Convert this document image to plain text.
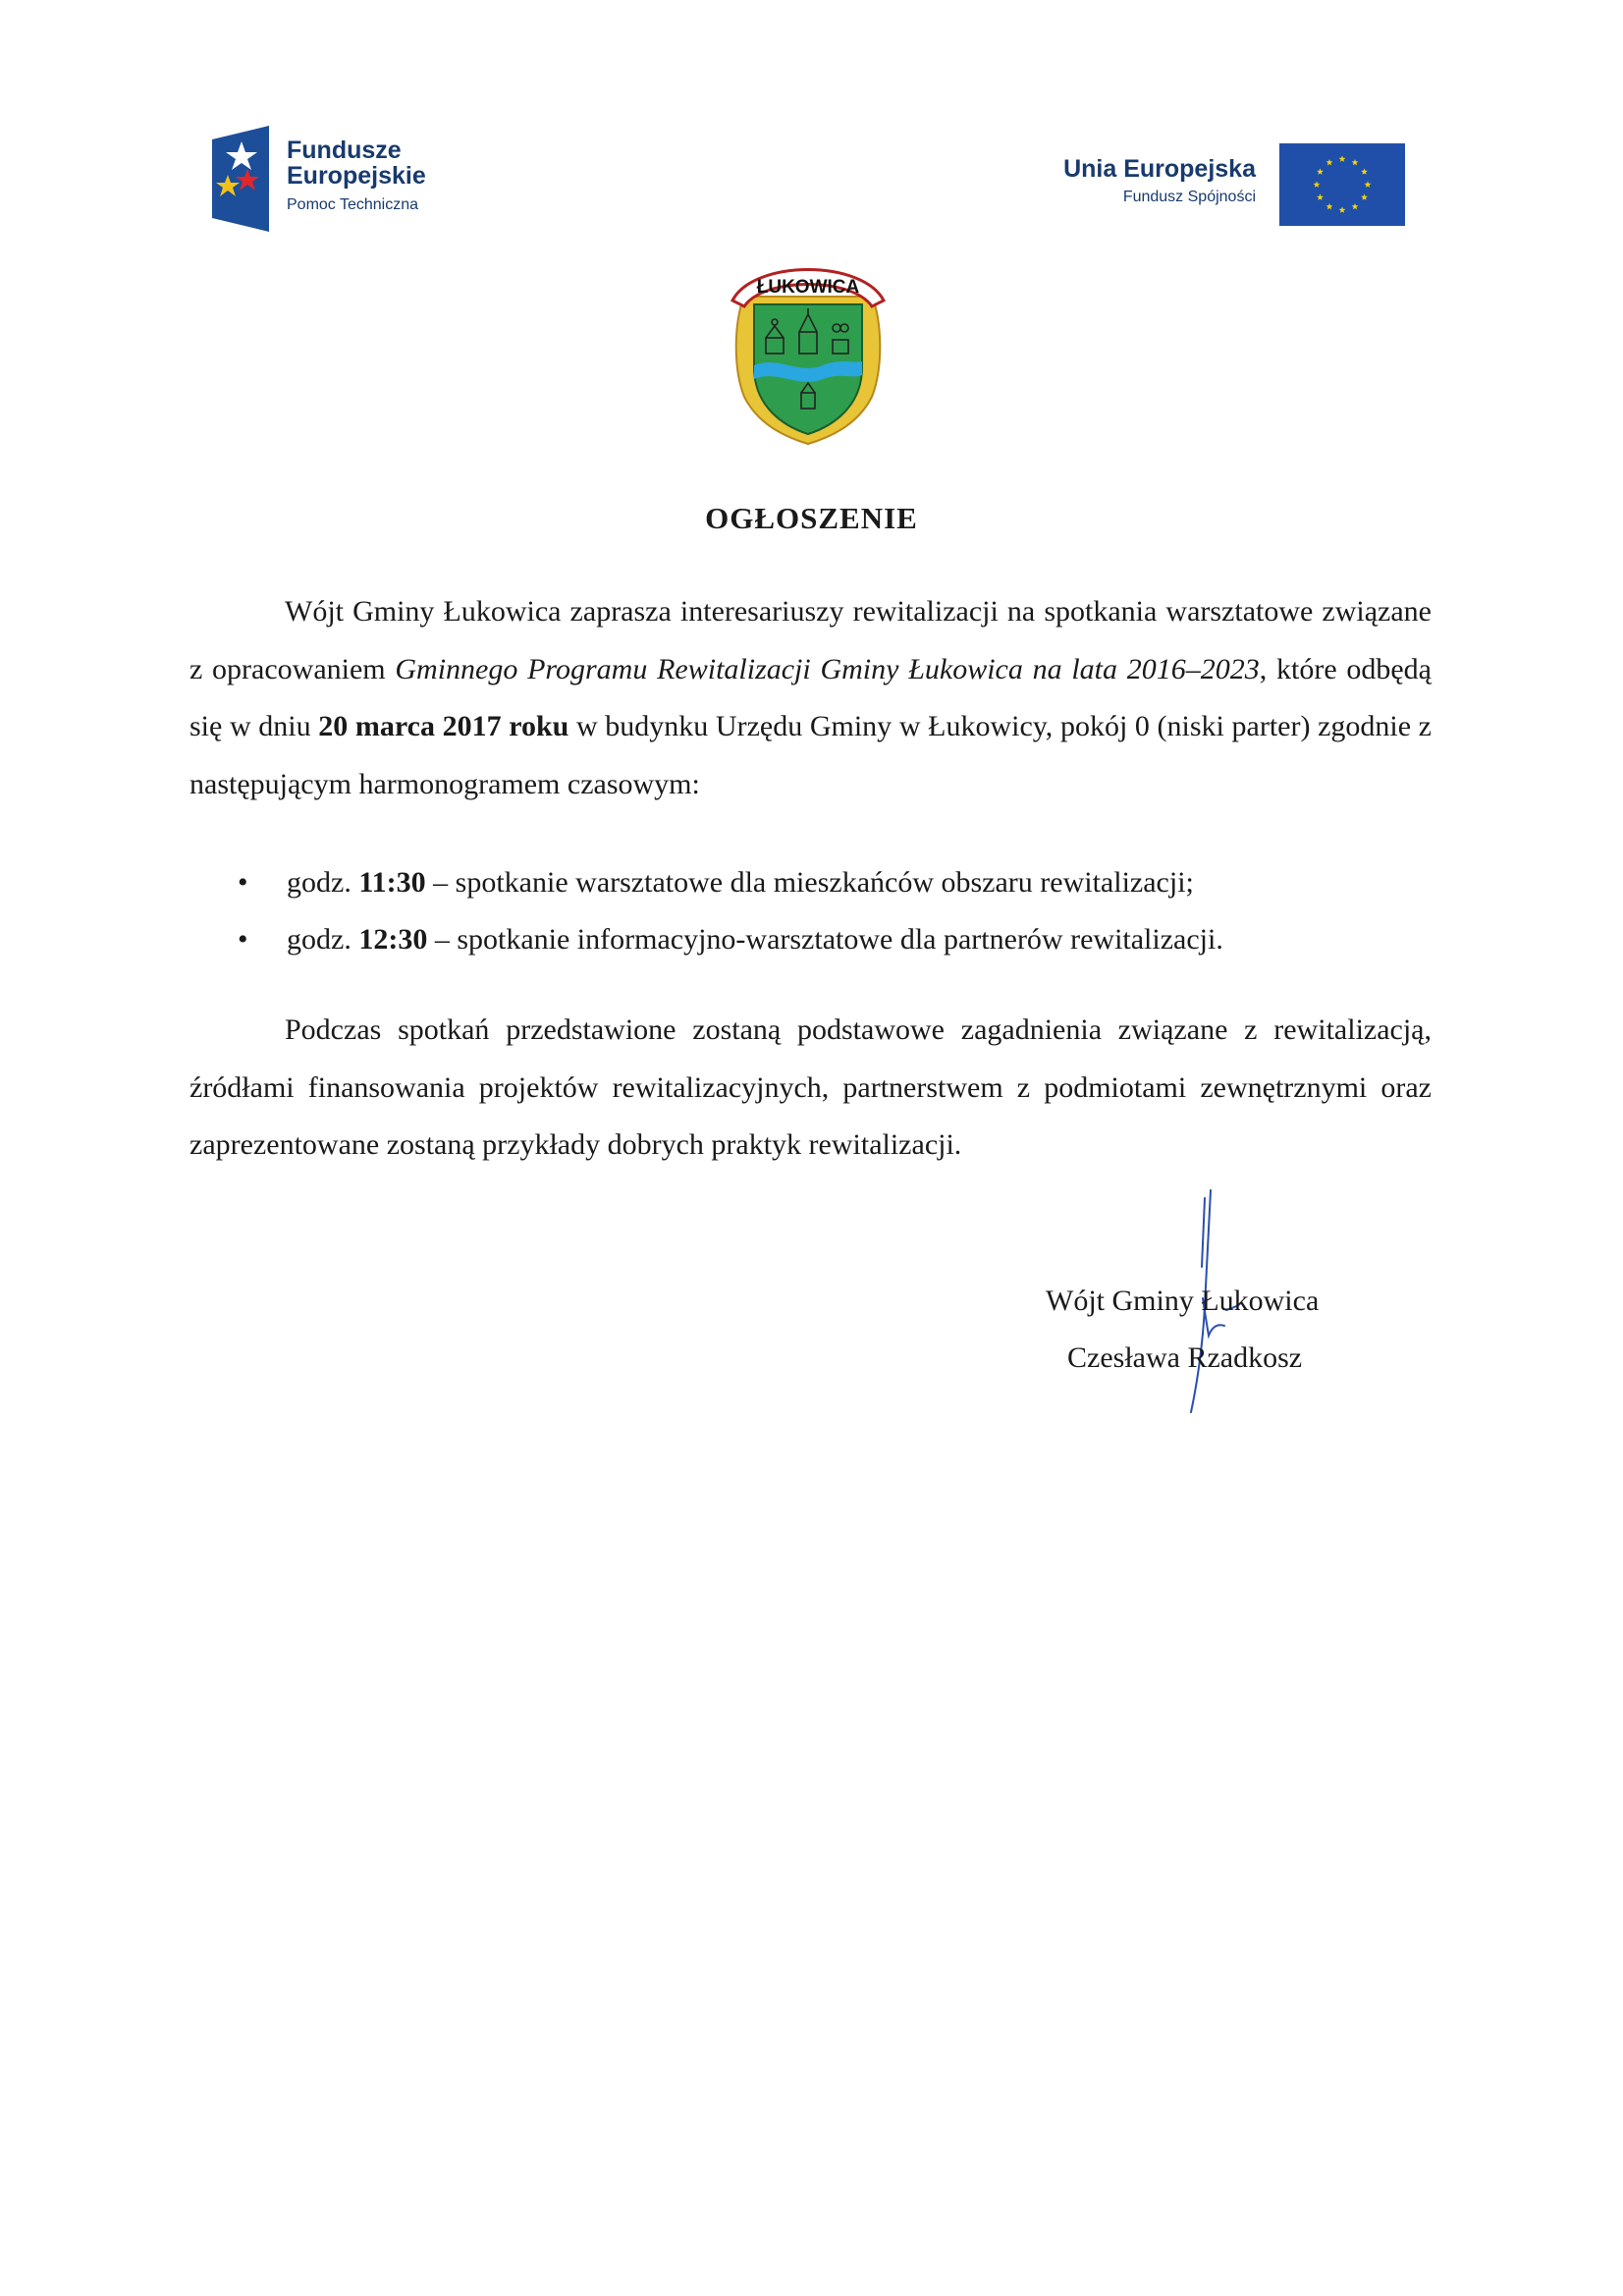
Fundusze
Europejskie
Pomoc Techniczna
Unia Europejska
Fundusz Spójności
ŁUKOWICA
OGŁOSZENIE
Wójt Gminy Łukowica zaprasza interesariuszy rewitalizacji na spotkania warsztatowe związane z opracowaniem Gminnego Programu Rewitalizacji Gminy Łukowica na lata 2016–2023, które odbędą się w dniu 20 marca 2017 roku w budynku Urzędu Gminy w Łukowicy, pokój 0 (niski parter) zgodnie z następującym harmonogramem czasowym:
• godz. 11:30 – spotkanie warsztatowe dla mieszkańców obszaru rewitalizacji;
• godz. 12:30 – spotkanie informacyjno-warsztatowe dla partnerów rewitalizacji.
Podczas spotkań przedstawione zostaną podstawowe zagadnienia związane z rewitalizacją, źródłami finansowania projektów rewitalizacyjnych, partnerstwem z podmiotami zewnętrznymi oraz zaprezentowane zostaną przykłady dobrych praktyk rewitalizacji.
Wójt Gminy Łukowica
Czesława Rzadkosz
